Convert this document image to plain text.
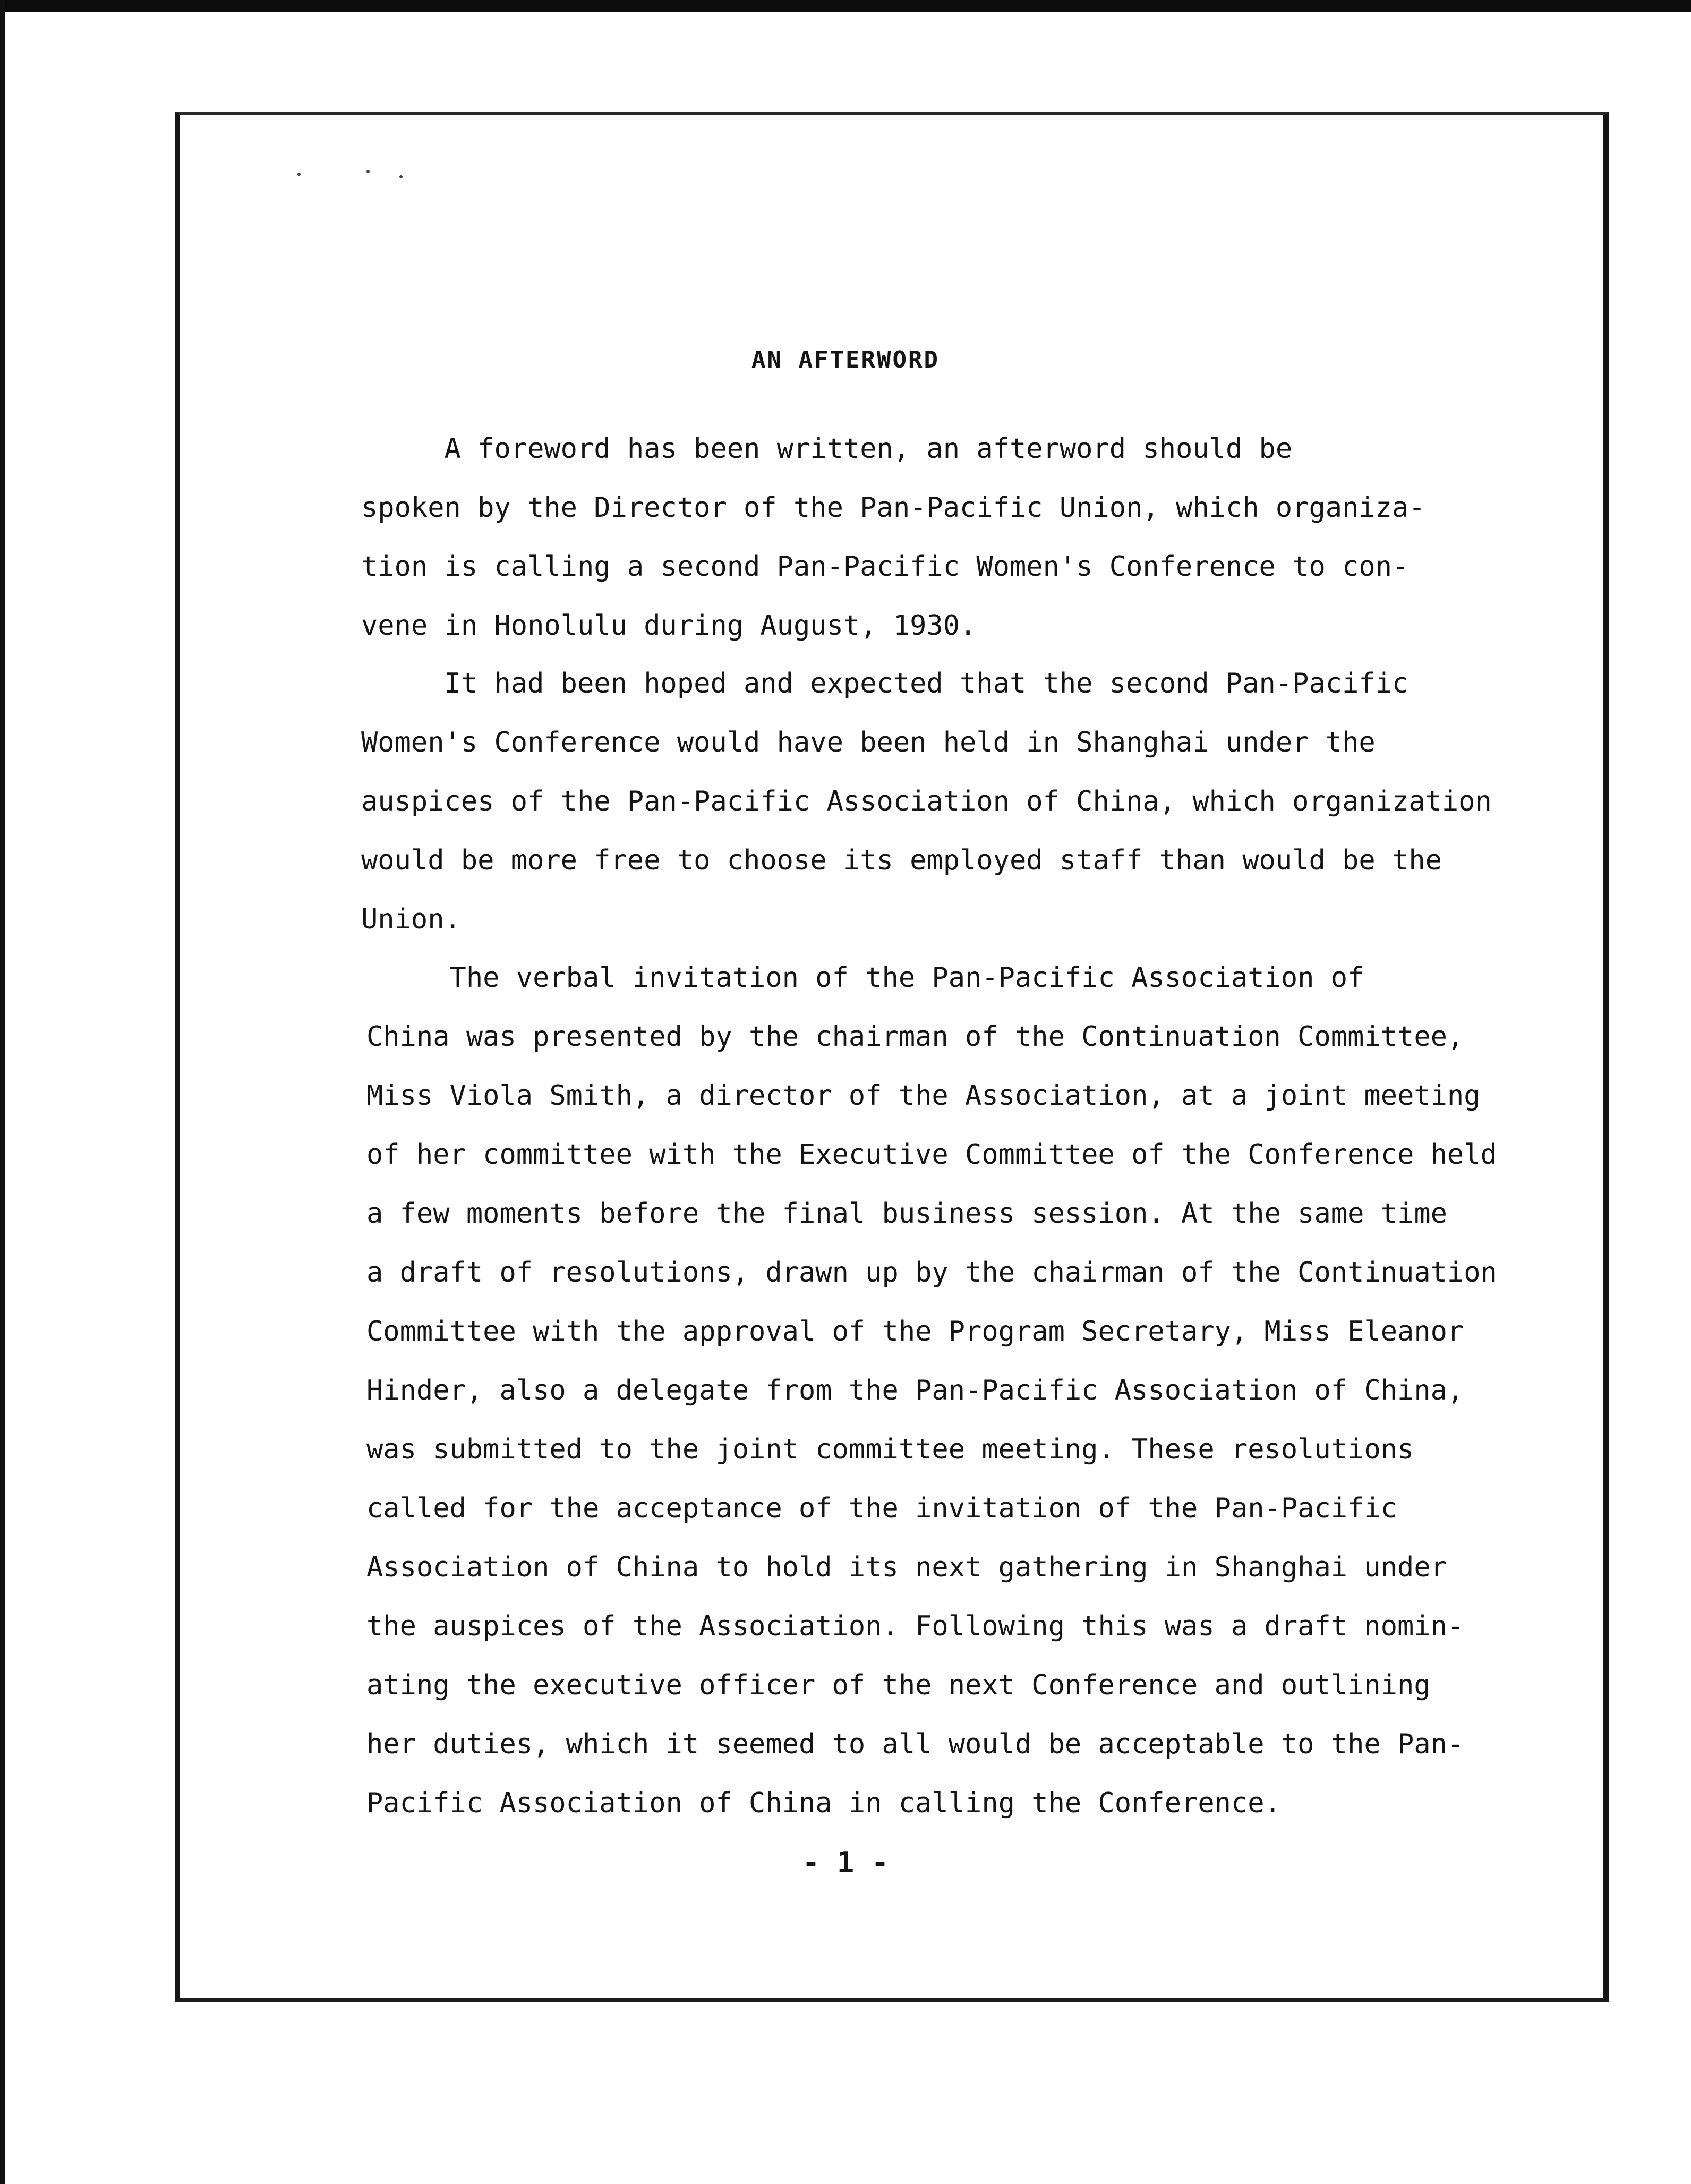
AN AFTERWORD

A foreword has been written, an afterword should be
spoken by the Director of the Pan-Pacific Union, which organiza-
tion is calling a second Pan-Pacific Women's Conference to con-
vene in Honolulu during August, 1930.

It had been hoped and expected that the second Pan-Pacific
Women's Conference would have been held in Shanghai under the
auspices of the Pan-Pacific Association of China, which organization
would be more free to choose its employed staff than would be the
Union.

The verbal invitation of the Pan-Pacific Association of
China was presented by the chairman of the Continuation Committee,
Miss Viola Smith, a director of the Association, at a joint meeting
of her committee with the Executive Committee of the Conference held
a few moments before the final business session. At the same time
a draft of resolutions, drawn up by the chairman of the Continuation
Committee with the approval of the Program Secretary, Miss Eleanor
Hinder, also a delegate from the Pan-Pacific Association of China,
was submitted to the joint committee meeting. These resolutions
called for the acceptance of the invitation of the Pan-Pacific
Association of China to hold its next gathering in Shanghai under
the auspices of the Association. Following this was a draft nomin-
ating the executive officer of the next Conference and outlining
her duties, which it seemed to all would be acceptable to the Pan-
Pacific Association of China in calling the Conference.

- 1 -
